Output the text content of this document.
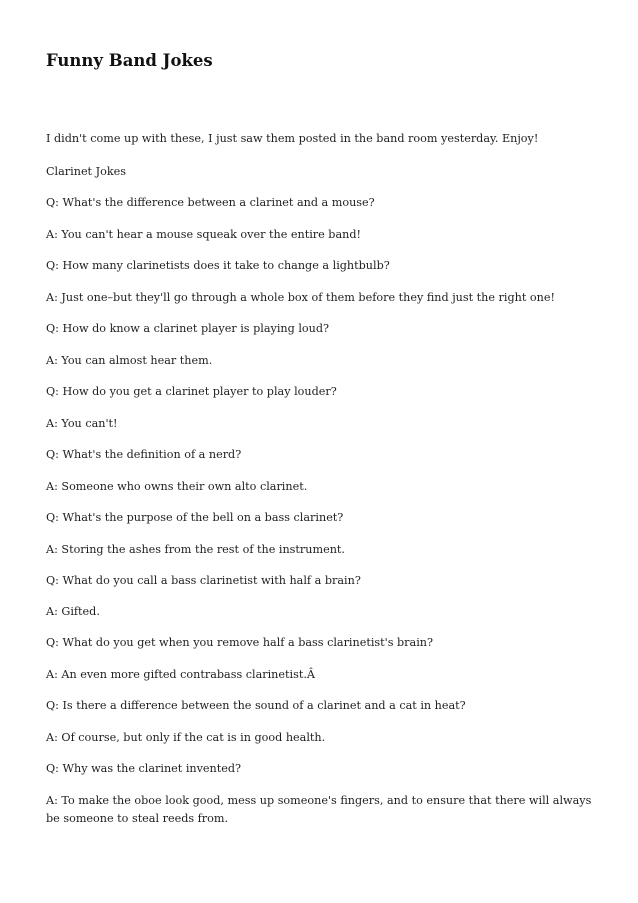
Funny Band Jokes

I didn't come up with these, I just saw them posted in the band room yesterday. Enjoy!

Clarinet Jokes

Q: What's the difference between a clarinet and a mouse?

A: You can't hear a mouse squeak over the entire band!

Q: How many clarinetists does it take to change a lightbulb?

A: Just one–but they'll go through a whole box of them before they find just the right one!

Q: How do know a clarinet player is playing loud?

A: You can almost hear them.

Q: How do you get a clarinet player to play louder?

A: You can't!

Q: What's the definition of a nerd?

A: Someone who owns their own alto clarinet.

Q: What's the purpose of the bell on a bass clarinet?

A: Storing the ashes from the rest of the instrument.

Q: What do you call a bass clarinetist with half a brain?

A: Gifted.

Q: What do you get when you remove half a bass clarinetist's brain?

A: An even more gifted contrabass clarinetist.Â

Q: Is there a difference between the sound of a clarinet and a cat in heat?

A: Of course, but only if the cat is in good health.

Q: Why was the clarinet invented?

A: To make the oboe look good, mess up someone's fingers, and to ensure that there will always be someone to steal reeds from.
